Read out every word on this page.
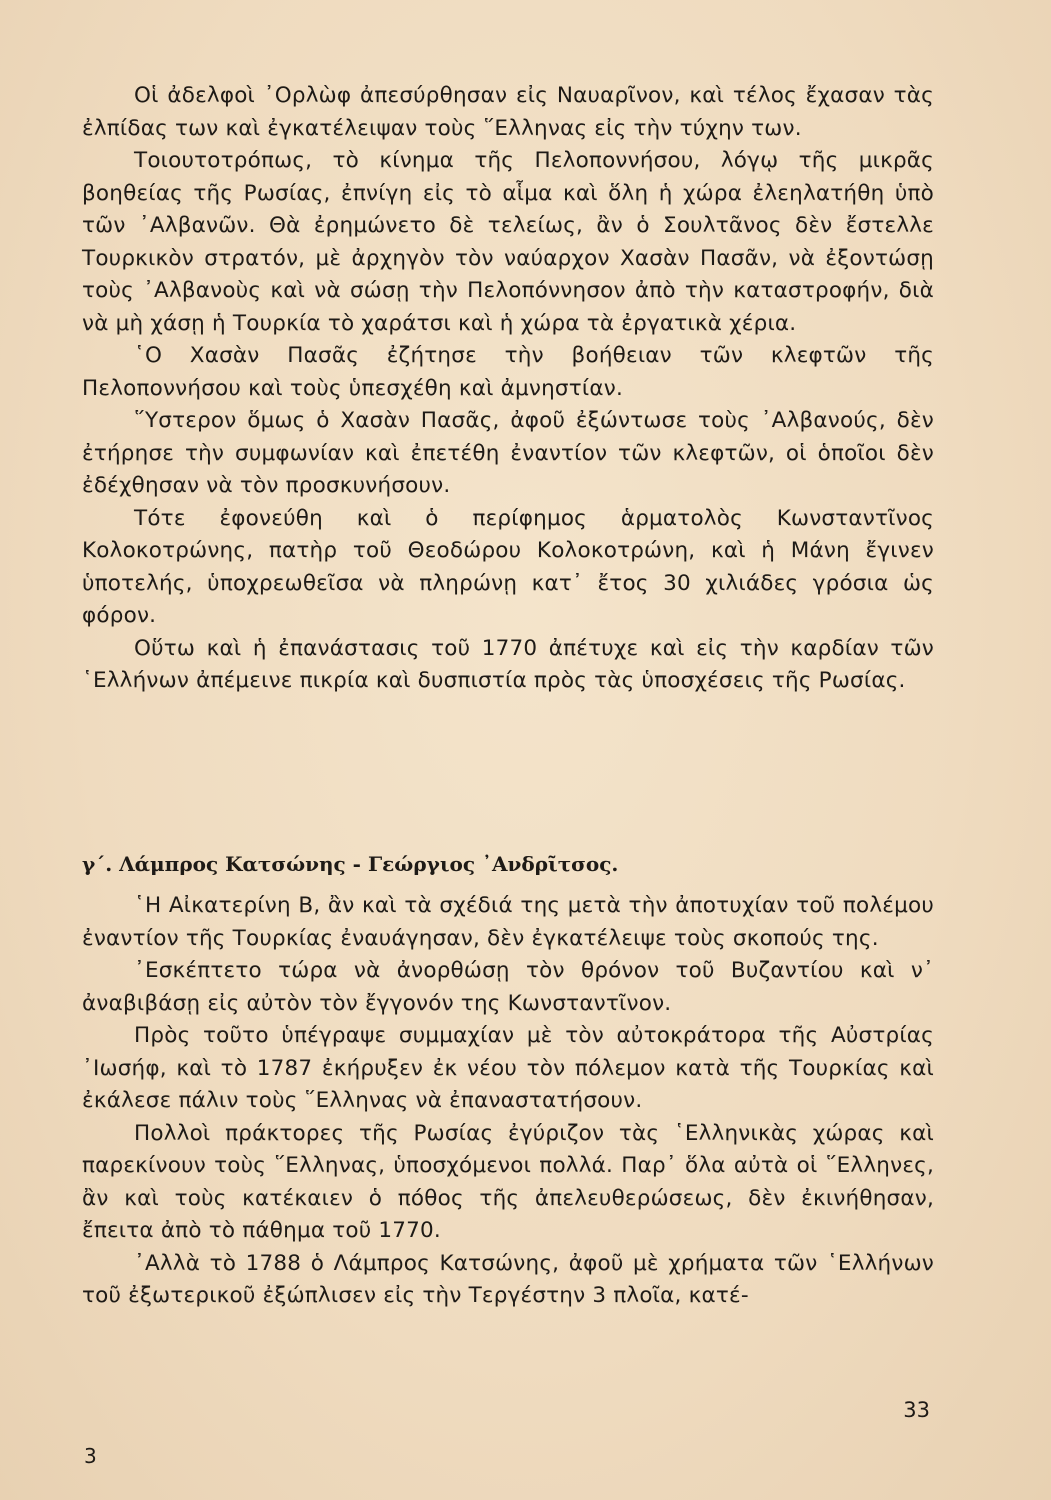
Οἱ ἀδελφοὶ ᾿Ορλὼφ ἀπεσύρθησαν εἰς Ναυαρῖνον, καὶ τέλος ἔχασαν τὰς ἐλπίδας των καὶ ἐγκατέλειψαν τοὺς ῞Ελληνας εἰς τὴν τύχην των.

Τοιουτοτρόπως, τὸ κίνημα τῆς Πελοποννήσου, λόγῳ τῆς μικρᾶς βοηθείας τῆς Ρωσίας, ἐπνίγη εἰς τὸ αἷμα καὶ ὅλη ἡ χώρα ἐλεηλατήθη ὑπὸ τῶν ᾿Αλβανῶν. Θὰ ἐρημώνετο δὲ τελείως, ἂν ὁ Σουλτᾶνος δὲν ἔστελλε Τουρκικὸν στρατόν, μὲ ἀρχηγὸν τὸν ναύαρχον Χασὰν Πασᾶν, νὰ ἐξοντώσῃ τοὺς ᾿Αλβανοὺς καὶ νὰ σώσῃ τὴν Πελοπόννησον ἀπὸ τὴν καταστροφήν, διὰ νὰ μὴ χάσῃ ἡ Τουρκία τὸ χαράτσι καὶ ἡ χώρα τὰ ἐργατικὰ χέρια.

῾Ο Χασὰν Πασᾶς ἐζήτησε τὴν βοήθειαν τῶν κλεφτῶν τῆς Πελοποννήσου καὶ τοὺς ὑπεσχέθη καὶ ἀμνηστίαν.

῞Υστερον ὅμως ὁ Χασὰν Πασᾶς, ἀφοῦ ἐξώντωσε τοὺς ᾿Αλβανούς, δὲν ἐτήρησε τὴν συμφωνίαν καὶ ἐπετέθη ἐναντίον τῶν κλεφτῶν, οἱ ὁποῖοι δὲν ἐδέχθησαν νὰ τὸν προσκυνήσουν.

Τότε ἐφονεύθη καὶ ὁ περίφημος ἁρματολὸς Κωνσταντῖνος Κολοκοτρώνης, πατὴρ τοῦ Θεοδώρου Κολοκοτρώνη, καὶ ἡ Μάνη ἔγινεν ὑποτελής, ὑποχρεωθεῖσα νὰ πληρώνῃ κατ᾿ ἔτος 30 χιλιάδες γρόσια ὡς φόρον.

Οὕτω καὶ ἡ ἐπανάστασις τοῦ 1770 ἀπέτυχε καὶ εἰς τὴν καρδίαν τῶν ῾Ελλήνων ἀπέμεινε πικρία καὶ δυσπιστία πρὸς τὰς ὑποσχέσεις τῆς Ρωσίας.

γ΄. Λάμπρος Κατσώνης - Γεώργιος ᾿Ανδρῖτσος.

῾Η Αἰκατερίνη Β, ἂν καὶ τὰ σχέδιά της μετὰ τὴν ἀποτυχίαν τοῦ πολέμου ἐναντίον τῆς Τουρκίας ἐναυάγησαν, δὲν ἐγκατέλειψε τοὺς σκοπούς της.

᾿Εσκέπτετο τώρα νὰ ἀνορθώσῃ τὸν θρόνον τοῦ Βυζαντίου καὶ ν᾿ ἀναβιβάσῃ εἰς αὐτὸν τὸν ἔγγονόν της Κωνσταντῖνον.

Πρὸς τοῦτο ὑπέγραψε συμμαχίαν μὲ τὸν αὐτοκράτορα τῆς Αὐστρίας ᾿Ιωσήφ, καὶ τὸ 1787 ἐκήρυξεν ἐκ νέου τὸν πόλεμον κατὰ τῆς Τουρκίας καὶ ἐκάλεσε πάλιν τοὺς ῞Ελληνας νὰ ἐπαναστατήσουν.

Πολλοὶ πράκτορες τῆς Ρωσίας ἐγύριζον τὰς ῾Ελληνικὰς χώρας καὶ παρεκίνουν τοὺς ῞Ελληνας, ὑποσχόμενοι πολλά. Παρ᾿ ὅλα αὐτὰ οἱ ῞Ελληνες, ἂν καὶ τοὺς κατέκαιεν ὁ πόθος τῆς ἀπελευθερώσεως, δὲν ἐκινήθησαν, ἔπειτα ἀπὸ τὸ πάθημα τοῦ 1770.

᾿Αλλὰ τὸ 1788 ὁ Λάμπρος Κατσώνης, ἀφοῦ μὲ χρήματα τῶν ῾Ελλήνων τοῦ ἐξωτερικοῦ ἐξώπλισεν εἰς τὴν Τεργέστην 3 πλοῖα, κατέ-

33
3
